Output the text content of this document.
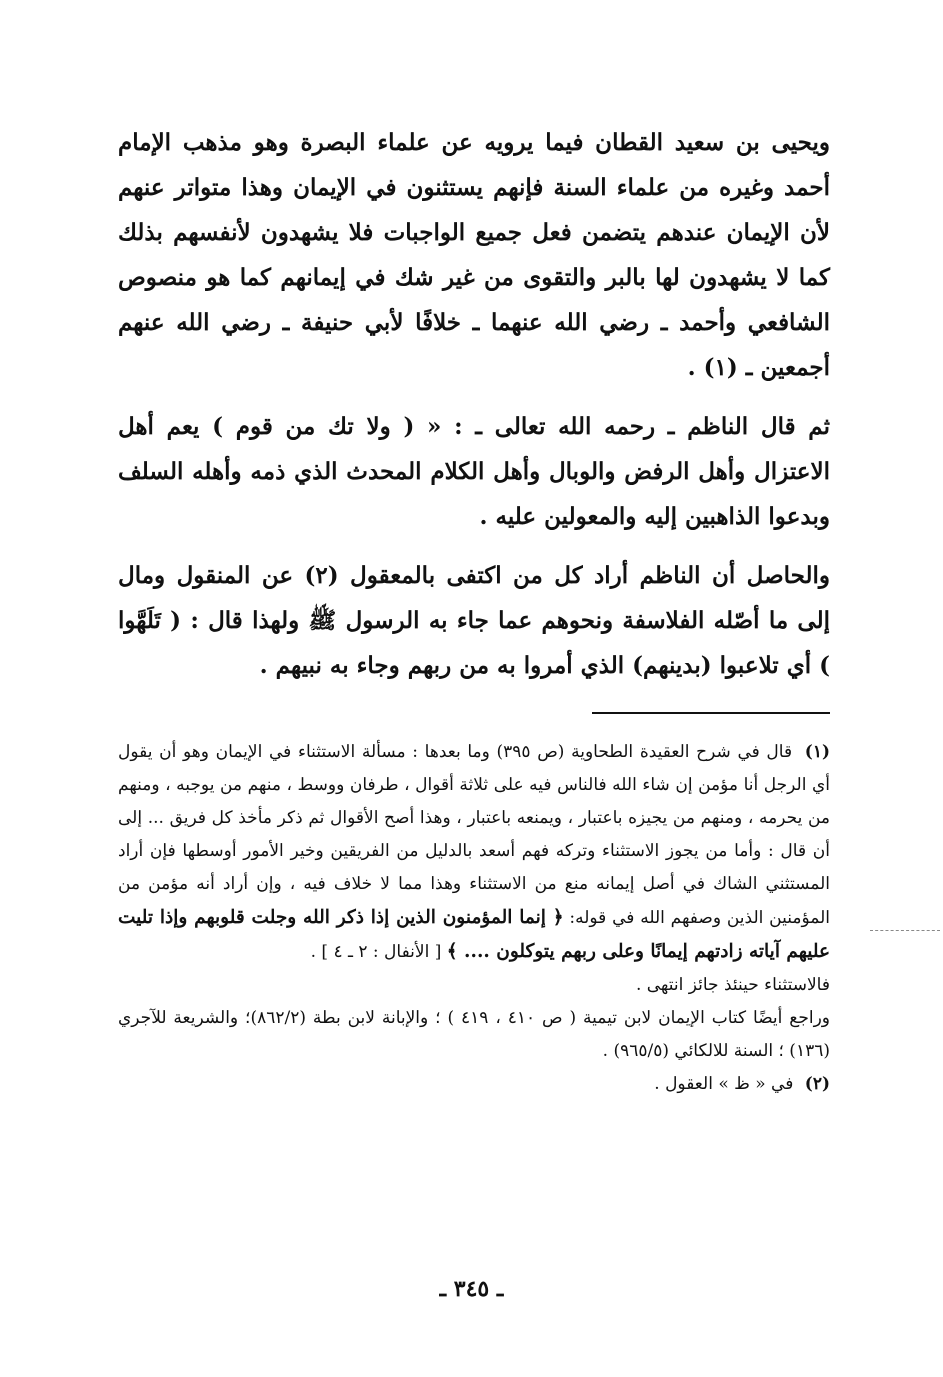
ويحيى بن سعيد القطان فيما يرويه عن علماء البصرة وهو مذهب الإمام أحمد وغيره من علماء السنة فإنهم يستثنون في الإيمان وهذا متواتر عنهم لأن الإيمان عندهم يتضمن فعل جميع الواجبات فلا يشهدون لأنفسهم بذلك كما لا يشهدون لها بالبر والتقوى من غير شك في إيمانهم كما هو منصوص الشافعي وأحمد ـ رضي الله عنهما ـ خلافًا لأبي حنيفة ـ رضي الله عنهم أجمعين ـ (١) .

ثم قال الناظم ـ رحمه الله تعالى ـ : « ( ولا تك من قوم ) يعم أهل الاعتزال وأهل الرفض والوبال وأهل الكلام المحدث الذي ذمه وأهله السلف وبدعوا الذاهبين إليه والمعولين عليه .

والحاصل أن الناظم أراد كل من اكتفى بالمعقول (٢) عن المنقول ومال إلى ما أصّله الفلاسفة ونحوهم عما جاء به الرسول ﷺ ولهذا قال : ( تَلَهَّوا ) أي تلاعبوا (بدينهم) الذي أمروا به من ربهم وجاء به نبيهم .

(١) قال في شرح العقيدة الطحاوية (ص ٣٩٥) وما بعدها : مسألة الاستثناء في الإيمان وهو أن يقول أي الرجل أنا مؤمن إن شاء الله فالناس فيه على ثلاثة أقوال ، طرفان ووسط ، منهم من يوجبه ، ومنهم من يحرمه ، ومنهم من يجيزه باعتبار ، ويمنعه باعتبار ، وهذا أصح الأقوال ثم ذكر مأخذ كل فريق ... إلى أن قال : وأما من يجوز الاستثناء وتركه فهم أسعد بالدليل من الفريقين وخير الأمور أوسطها فإن أراد المستثني الشاك في أصل إيمانه منع من الاستثناء وهذا مما لا خلاف فيه ، وإن أراد أنه مؤمن من المؤمنين الذين وصفهم الله في قوله: ﴿ إنما المؤمنون الذين إذا ذكر الله وجلت قلوبهم وإذا تليت عليهم آياته زادتهم إيمانًا وعلى ربهم يتوكلون .... ﴾ [ الأنفال : ٢ ـ ٤ ] .

فالاستثناء حينئذ جائز انتهى .

وراجع أيضًا كتاب الإيمان لابن تيمية ( ص ٤١٠ ، ٤١٩ ) ؛ والإبانة لابن بطة (٨٦٢/٢)؛ والشريعة للآجري (١٣٦) ؛ السنة للالكائي (٩٦٥/٥) .

(٢) في « ظ » العقول .

ـ ٣٤٥ ـ
